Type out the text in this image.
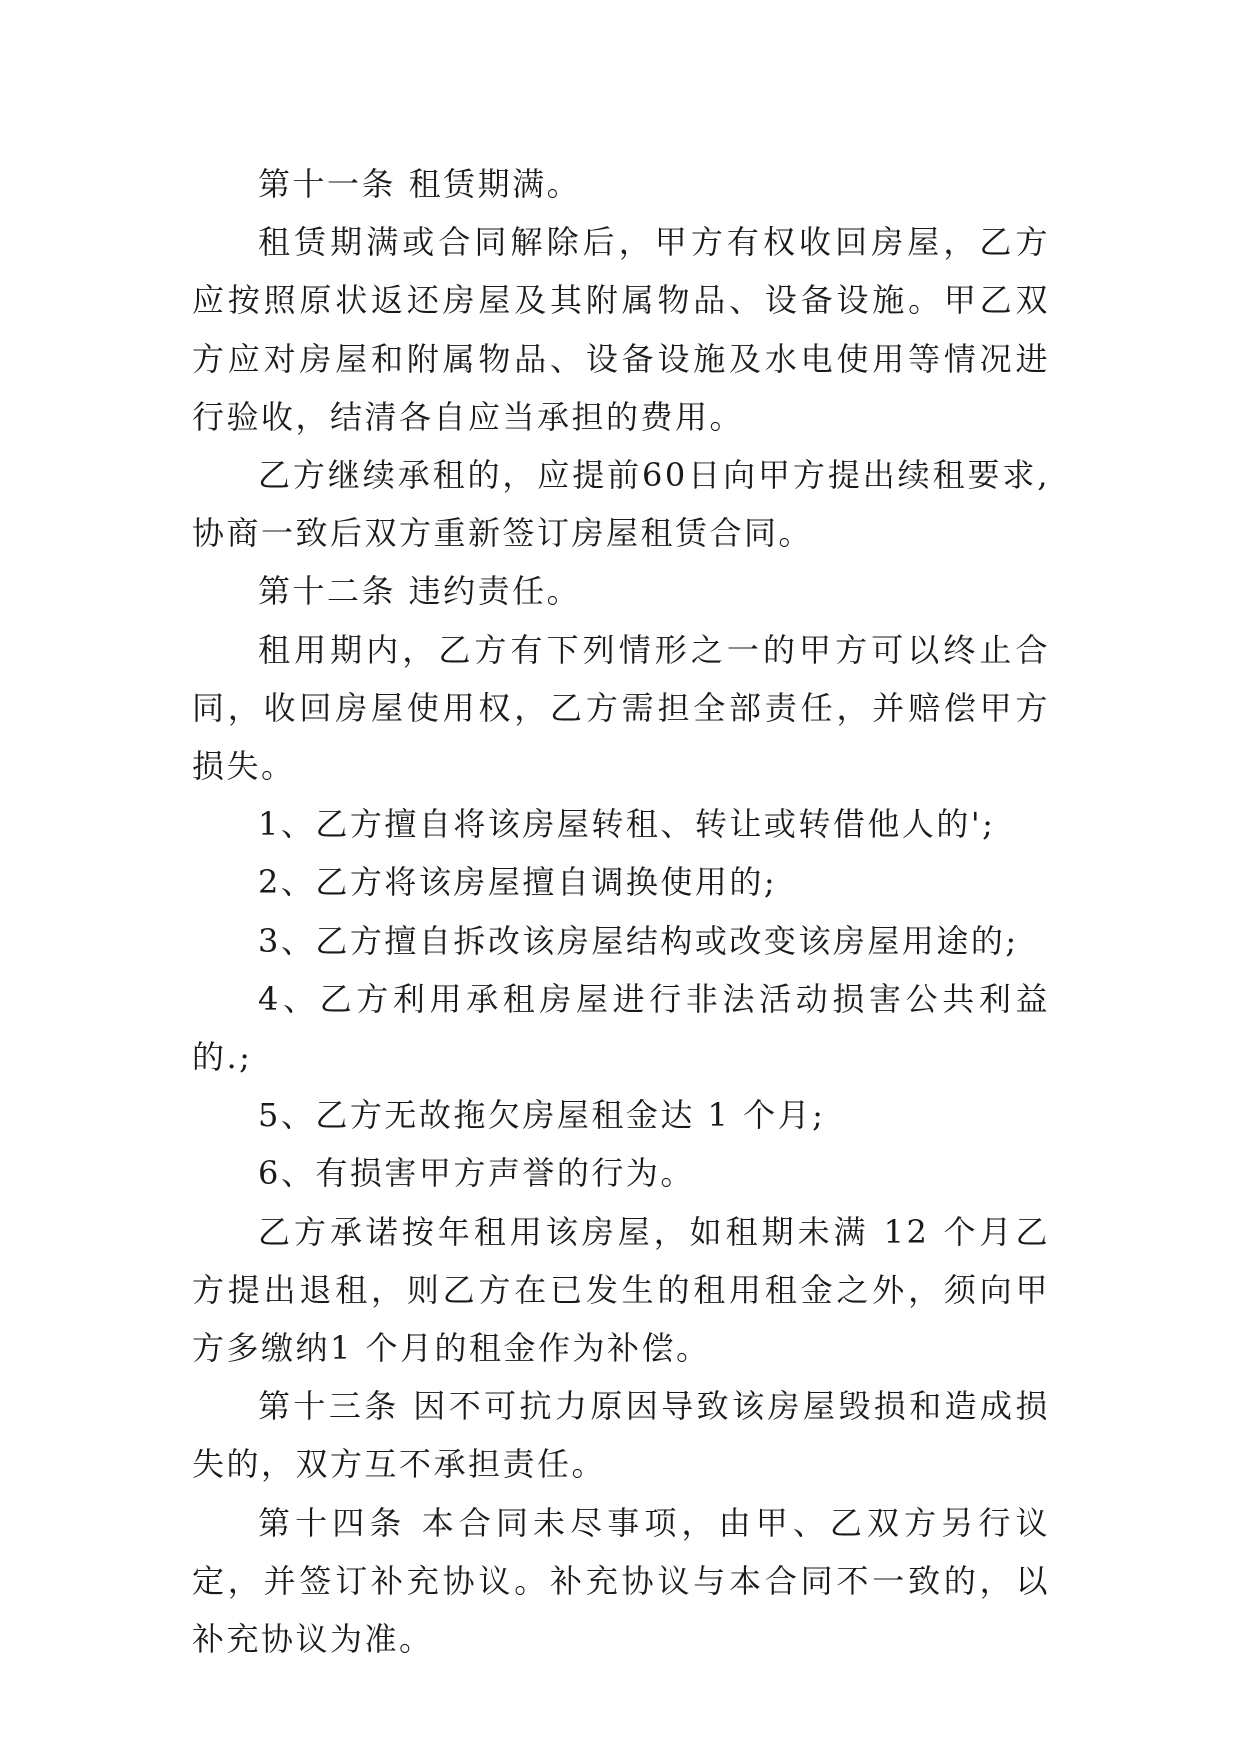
第十一条 租赁期满。

租赁期满或合同解除后，甲方有权收回房屋，乙方应按照原状返还房屋及其附属物品、设备设施。甲乙双方应对房屋和附属物品、设备设施及水电使用等情况进行验收，结清各自应当承担的费用。

乙方继续承租的，应提前60日向甲方提出续租要求,协商一致后双方重新签订房屋租赁合同。

第十二条 违约责任。

租用期内，乙方有下列情形之一的甲方可以终止合同，收回房屋使用权，乙方需担全部责任，并赔偿甲方损失。

1、乙方擅自将该房屋转租、转让或转借他人的';

2、乙方将该房屋擅自调换使用的;

3、乙方擅自拆改该房屋结构或改变该房屋用途的;

4、乙方利用承租房屋进行非法活动损害公共利益的.;

5、乙方无故拖欠房屋租金达 1 个月;

6、有损害甲方声誉的行为。

乙方承诺按年租用该房屋，如租期未满 12 个月乙方提出退租，则乙方在已发生的租用租金之外，须向甲方多缴纳1 个月的租金作为补偿。

第十三条 因不可抗力原因导致该房屋毁损和造成损失的，双方互不承担责任。

第十四条 本合同未尽事项，由甲、乙双方另行议定，并签订补充协议。补充协议与本合同不一致的，以补充协议为准。
